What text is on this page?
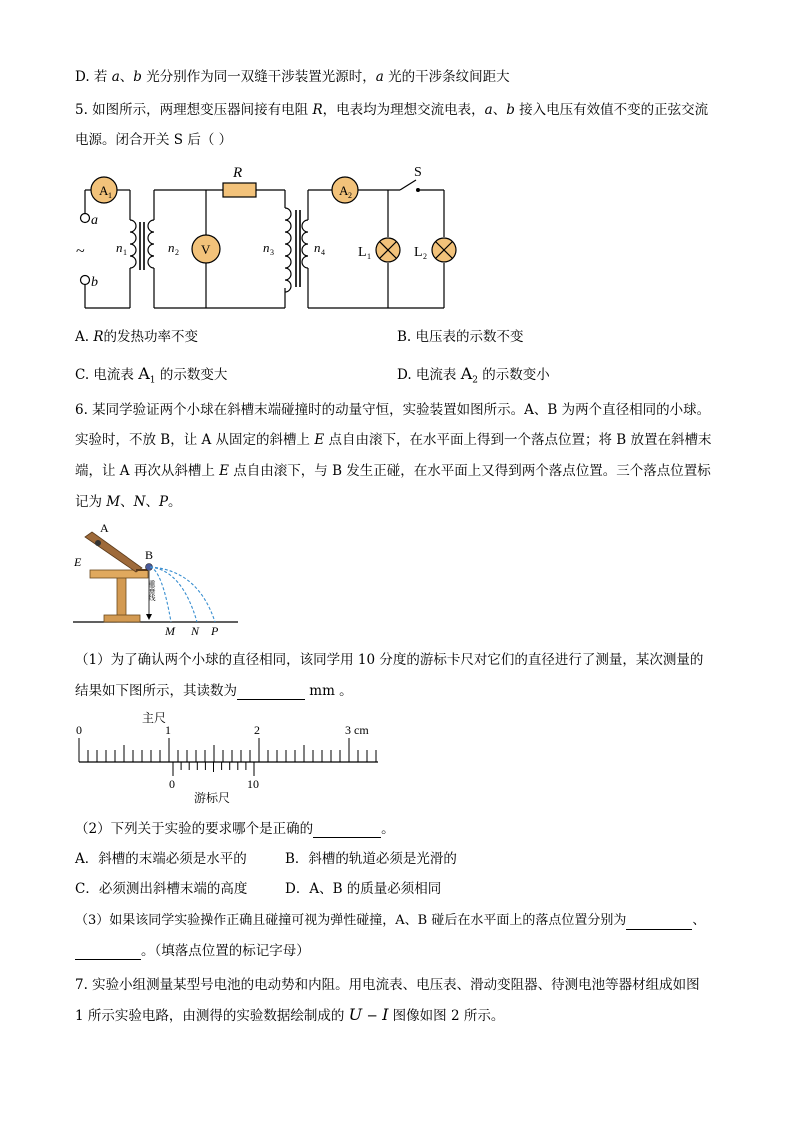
D. 若 a、b 光分别作为同一双缝干涉装置光源时，a 光的干涉条纹间距大
5. 如图所示，两理想变压器间接有电阻 R，电表均为理想交流电表，a、b 接入电压有效值不变的正弦交流
电源。闭合开关 S 后（ ）
A 1
V
A 2
a
b
~
S
L 1	L 2
n 1	n 2	n 3	n 4
R
A. R的发热功率不变	B. 电压表的示数不变
C. 电流表 $A_1$ 的示数变大	D. 电流表 $A_2$ 的示数变小
6. 某同学验证两个小球在斜槽末端碰撞时的动量守恒，实验装置如图所示。A、B 为两个直径相同的小球。
实验时，不放 B，让 A 从固定的斜槽上 E 点自由滚下，在水平面上得到一个落点位置；将 B 放置在斜槽末
端，让 A 再次从斜槽上 E 点自由滚下，与 B 发生正碰，在水平面上又得到两个落点位置。三个落点位置标
记为 M、N、P。
A
B
E
重垂线
M N P
（1）为了确认两个小球的直径相同，该同学用 10 分度的游标卡尺对它们的直径进行了测量，某次测量的
结果如下图所示，其读数为	mm 。
主尺
0	1	2	3 cm
0	10
游标尺
（2）下列关于实验的要求哪个是正确的	。
A．斜槽的末端必须是水平的	B．斜槽的轨道必须是光滑的
C．必须测出斜槽末端的高度	D．A、B 的质量必须相同
（3）如果该同学实验操作正确且碰撞可视为弹性碰撞，A、B 碰后在水平面上的落点位置分别为	、
。（填落点位置的标记字母）
7. 实验小组测量某型号电池的电动势和内阻。用电流表、电压表、滑动变阻器、待测电池等器材组成如图
1 所示实验电路，由测得的实验数据绘制成的 U − I 图像如图 2 所示。
